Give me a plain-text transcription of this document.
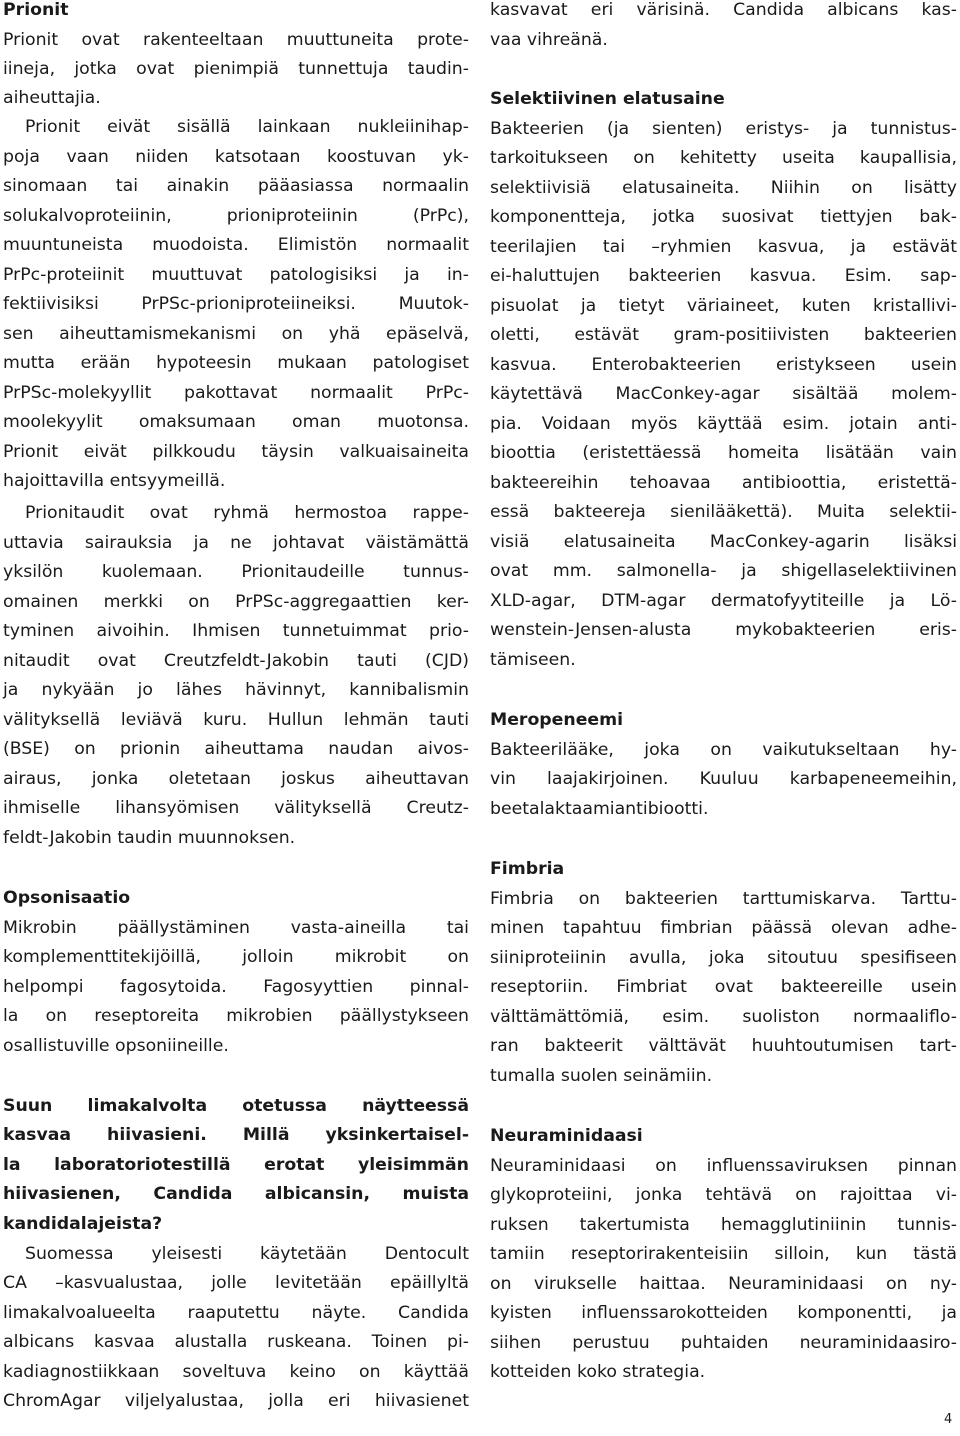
Prionit
Prionit ovat rakenteeltaan muuttuneita prote-
iineja, jotka ovat pienimpiä tunnettuja taudin-
aiheuttajia.
Prionit eivät sisällä lainkaan nukleiinihap-
poja vaan niiden katsotaan koostuvan yk-
sinomaan tai ainakin pääasiassa normaalin
solukalvoproteiinin, prioniproteiinin (PrPc),
muuntuneista muodoista. Elimistön normaalit
PrPc-proteiinit muuttuvat patologisiksi ja in-
fektiivisiksi PrPSc-prioniproteiineiksi. Muutok-
sen aiheuttamismekanismi on yhä epäselvä,
mutta erään hypoteesin mukaan patologiset
PrPSc-molekyyllit pakottavat normaalit PrPc-
moolekyylit omaksumaan oman muotonsa.
Prionit eivät pilkkoudu täysin valkuaisaineita
hajoittavilla entsyymeillä.
Prionitaudit ovat ryhmä hermostoa rappe-
uttavia sairauksia ja ne johtavat väistämättä
yksilön kuolemaan. Prionitaudeille tunnus-
omainen merkki on PrPSc-aggregaattien ker-
tyminen aivoihin. Ihmisen tunnetuimmat prio-
nitaudit ovat Creutzfeldt-Jakobin tauti (CJD)
ja nykyään jo lähes hävinnyt, kannibalismin
välityksellä leviävä kuru. Hullun lehmän tauti
(BSE) on prionin aiheuttama naudan aivos-
airaus, jonka oletetaan joskus aiheuttavan
ihmiselle lihansyömisen välityksellä Creutz-
feldt-Jakobin taudin muunnoksen.
Opsonisaatio
Mikrobin päällystäminen vasta-aineilla tai
komplementtitekijöillä, jolloin mikrobit on
helpompi fagosytoida. Fagosyyttien pinnal-
la on reseptoreita mikrobien päällystykseen
osallistuville opsoniineille.
Suun limakalvolta otetussa näytteessä
kasvaa hiivasieni. Millä yksinkertaisel-
la laboratoriotestillä erotat yleisimmän
hiivasienen, Candida albicansin, muista
kandidalajeista?
Suomessa yleisesti käytetään Dentocult
CA –kasvualustaa, jolle levitetään epäillyltä
limakalvoalueelta raaputettu näyte. Candida
albicans kasvaa alustalla ruskeana. Toinen pi-
kadiagnostiikkaan soveltuva keino on käyttää
ChromAgar viljelyalustaa, jolla eri hiivasienet
kasvavat eri värisinä. Candida albicans kas-
vaa vihreänä.
Selektiivinen elatusaine
Bakteerien (ja sienten) eristys- ja tunnistus-
tarkoitukseen on kehitetty useita kaupallisia,
selektiivisiä elatusaineita. Niihin on lisätty
komponentteja, jotka suosivat tiettyjen bak-
teerilajien tai –ryhmien kasvua, ja estävät
ei-haluttujen bakteerien kasvua. Esim. sap-
pisuolat ja tietyt väriaineet, kuten kristallivi-
oletti, estävät gram-positiivisten bakteerien
kasvua. Enterobakteerien eristykseen usein
käytettävä MacConkey-agar sisältää molem-
pia. Voidaan myös käyttää esim. jotain anti-
bioottia (eristettäessä homeita lisätään vain
bakteereihin tehoavaa antibioottia, eristettä-
essä bakteereja sienilääkettä). Muita selektii-
visiä elatusaineita MacConkey-agarin lisäksi
ovat mm. salmonella- ja shigellaselektiivinen
XLD-agar, DTM-agar dermatofyytiteille ja Lö-
wenstein-Jensen-alusta mykobakteerien eris-
tämiseen.
Meropeneemi
Bakteerilääke, joka on vaikutukseltaan hy-
vin laajakirjoinen. Kuuluu karbapeneemeihin,
beetalaktaamiantibiootti.
Fimbria
Fimbria on bakteerien tarttumiskarva. Tarttu-
minen tapahtuu fimbrian päässä olevan adhe-
siiniproteiinin avulla, joka sitoutuu spesifiseen
reseptoriin. Fimbriat ovat bakteereille usein
välttämättömiä, esim. suoliston normaaliflo-
ran bakteerit välttävät huuhtoutumisen tart-
tumalla suolen seinämiin.
Neuraminidaasi
Neuraminidaasi on influenssaviruksen pinnan
glykoproteiini, jonka tehtävä on rajoittaa vi-
ruksen takertumista hemagglutiniinin tunnis-
tamiin reseptorirakenteisiin silloin, kun tästä
on virukselle haittaa. Neuraminidaasi on ny-
kyisten influenssarokotteiden komponentti, ja
siihen perustuu puhtaiden neuraminidaasiro-
kotteiden koko strategia.
4
